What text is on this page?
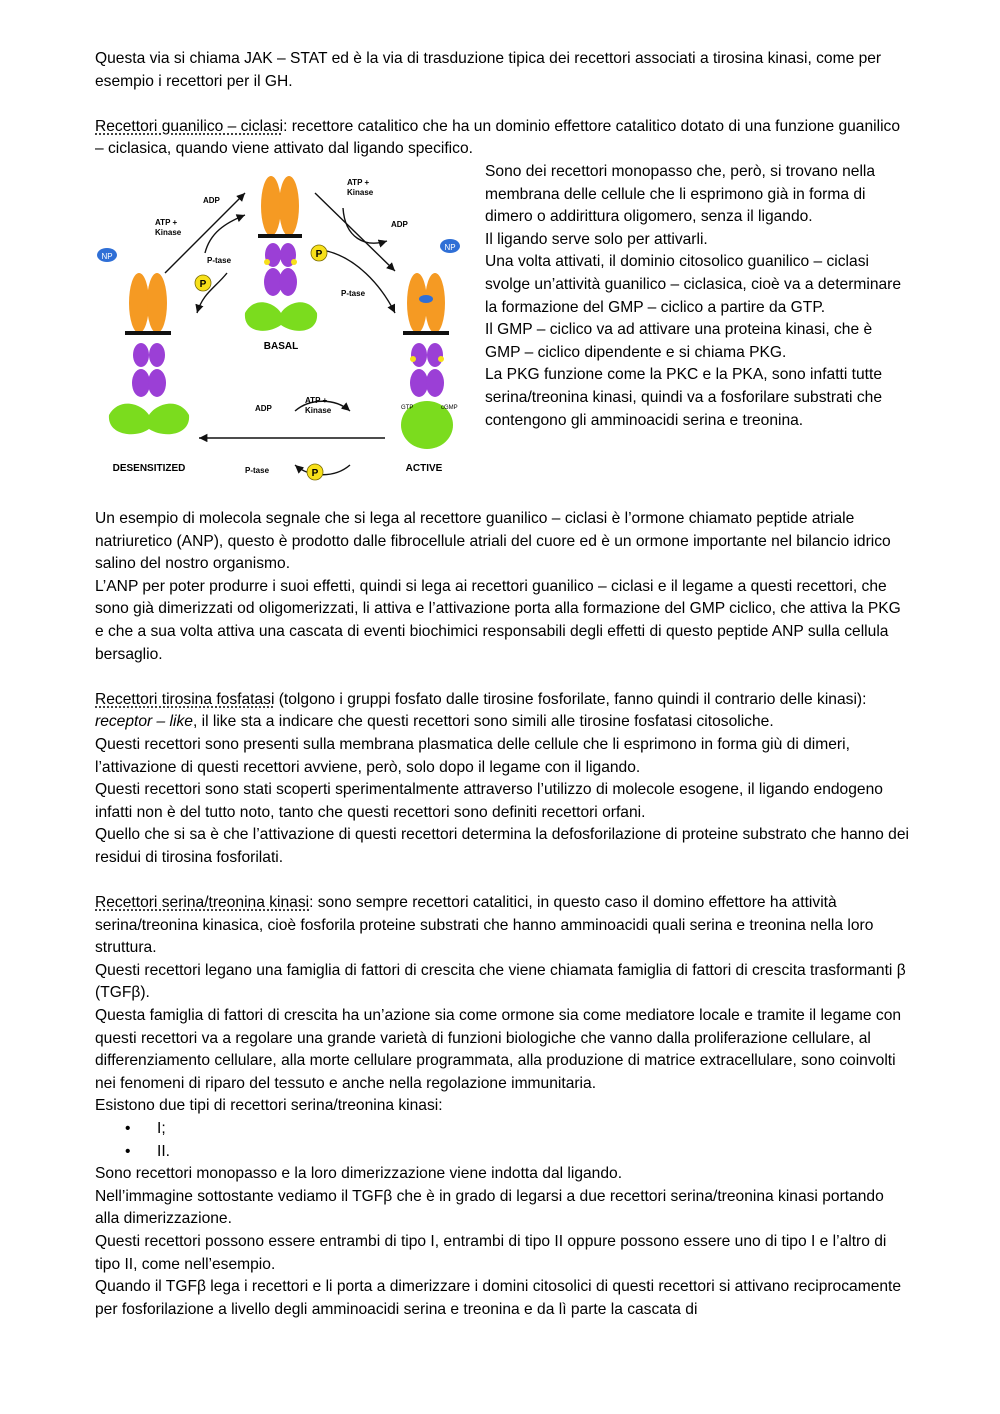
Questa via si chiama JAK – STAT ed è la via di trasduzione tipica dei recettori associati a tirosina kinasi, come per esempio i recettori per il GH.

Recettori guanilico – ciclasi: recettore catalitico che ha un dominio effettore catalitico dotato di una funzione guanilico – ciclasica, quando viene attivato dal ligando specifico.

P
BASAL
NP
DESENSITIZED
GTP	cGMP
NP
ACTIVE
ADP
ATP +
Kinase
ATP +
Kinase
ADP
P-tase
P-tase
ADP
ATP +
Kinase
P-tase
P
P

Sono dei recettori monopasso che, però, si trovano nella membrana delle cellule che li esprimono già in forma di dimero o addirittura oligomero, senza il ligando.

Il ligando serve solo per attivarli.

Una volta attivati, il dominio citosolico guanilico – ciclasi svolge un’attività guanilico – ciclasica, cioè va a determinare la formazione del GMP – ciclico a partire da GTP.

Il GMP – ciclico va ad attivare una proteina kinasi, che è GMP – ciclico dipendente e si chiama PKG.

La PKG funzione come la PKC e la PKA, sono infatti tutte serina/treonina kinasi, quindi va a fosforilare substrati che contengono gli amminoacidi serina e treonina.

Un esempio di molecola segnale che si lega al recettore guanilico – ciclasi è l’ormone chiamato peptide atriale natriuretico (ANP), questo è prodotto dalle fibrocellule atriali del cuore ed è un ormone importante nel bilancio idrico salino del nostro organismo.

L’ANP per poter produrre i suoi effetti, quindi si lega ai recettori guanilico – ciclasi e il legame a questi recettori, che sono già dimerizzati od oligomerizzati, li attiva e l’attivazione porta alla formazione del GMP ciclico, che attiva la PKG e che a sua volta attiva una cascata di eventi biochimici responsabili degli effetti di questo peptide ANP sulla cellula bersaglio.

Recettori tirosina fosfatasi (tolgono i gruppi fosfato dalle tirosine fosforilate, fanno quindi il contrario delle kinasi): receptor – like, il like sta a indicare che questi recettori sono simili alle tirosine fosfatasi citosoliche.

Questi recettori sono presenti sulla membrana plasmatica delle cellule che li esprimono in forma giù di dimeri, l’attivazione di questi recettori avviene, però, solo dopo il legame con il ligando.

Questi recettori sono stati scoperti sperimentalmente attraverso l’utilizzo di molecole esogene, il ligando endogeno infatti non è del tutto noto, tanto che questi recettori sono definiti recettori orfani.

Quello che si sa è che l’attivazione di questi recettori determina la defosforilazione di proteine substrato che hanno dei residui di tirosina fosforilati.

Recettori serina/treonina kinasi: sono sempre recettori catalitici, in questo caso il domino effettore ha attività serina/treonina kinasica, cioè fosforila proteine substrati che hanno amminoacidi quali serina e treonina nella loro struttura.

Questi recettori legano una famiglia di fattori di crescita che viene chiamata famiglia di fattori di crescita trasformanti β (TGFβ).

Questa famiglia di fattori di crescita ha un’azione sia come ormone sia come mediatore locale e tramite il legame con questi recettori va a regolare una grande varietà di funzioni biologiche che vanno dalla proliferazione cellulare, al differenziamento cellulare, alla morte cellulare programmata, alla produzione di matrice extracellulare, sono coinvolti nei fenomeni di riparo del tessuto e anche nella regolazione immunitaria.

Esistono due tipi di recettori serina/treonina kinasi:

• I;
• II.

Sono recettori monopasso e la loro dimerizzazione viene indotta dal ligando.

Nell’immagine sottostante vediamo il TGFβ che è in grado di legarsi a due recettori serina/treonina kinasi portando alla dimerizzazione.

Questi recettori possono essere entrambi di tipo I, entrambi di tipo II oppure possono essere uno di tipo I e l’altro di tipo II, come nell’esempio.

Quando il TGFβ lega i recettori e li porta a dimerizzare i domini citosolici di questi recettori si attivano reciprocamente per fosforilazione a livello degli amminoacidi serina e treonina e da lì parte la cascata di
